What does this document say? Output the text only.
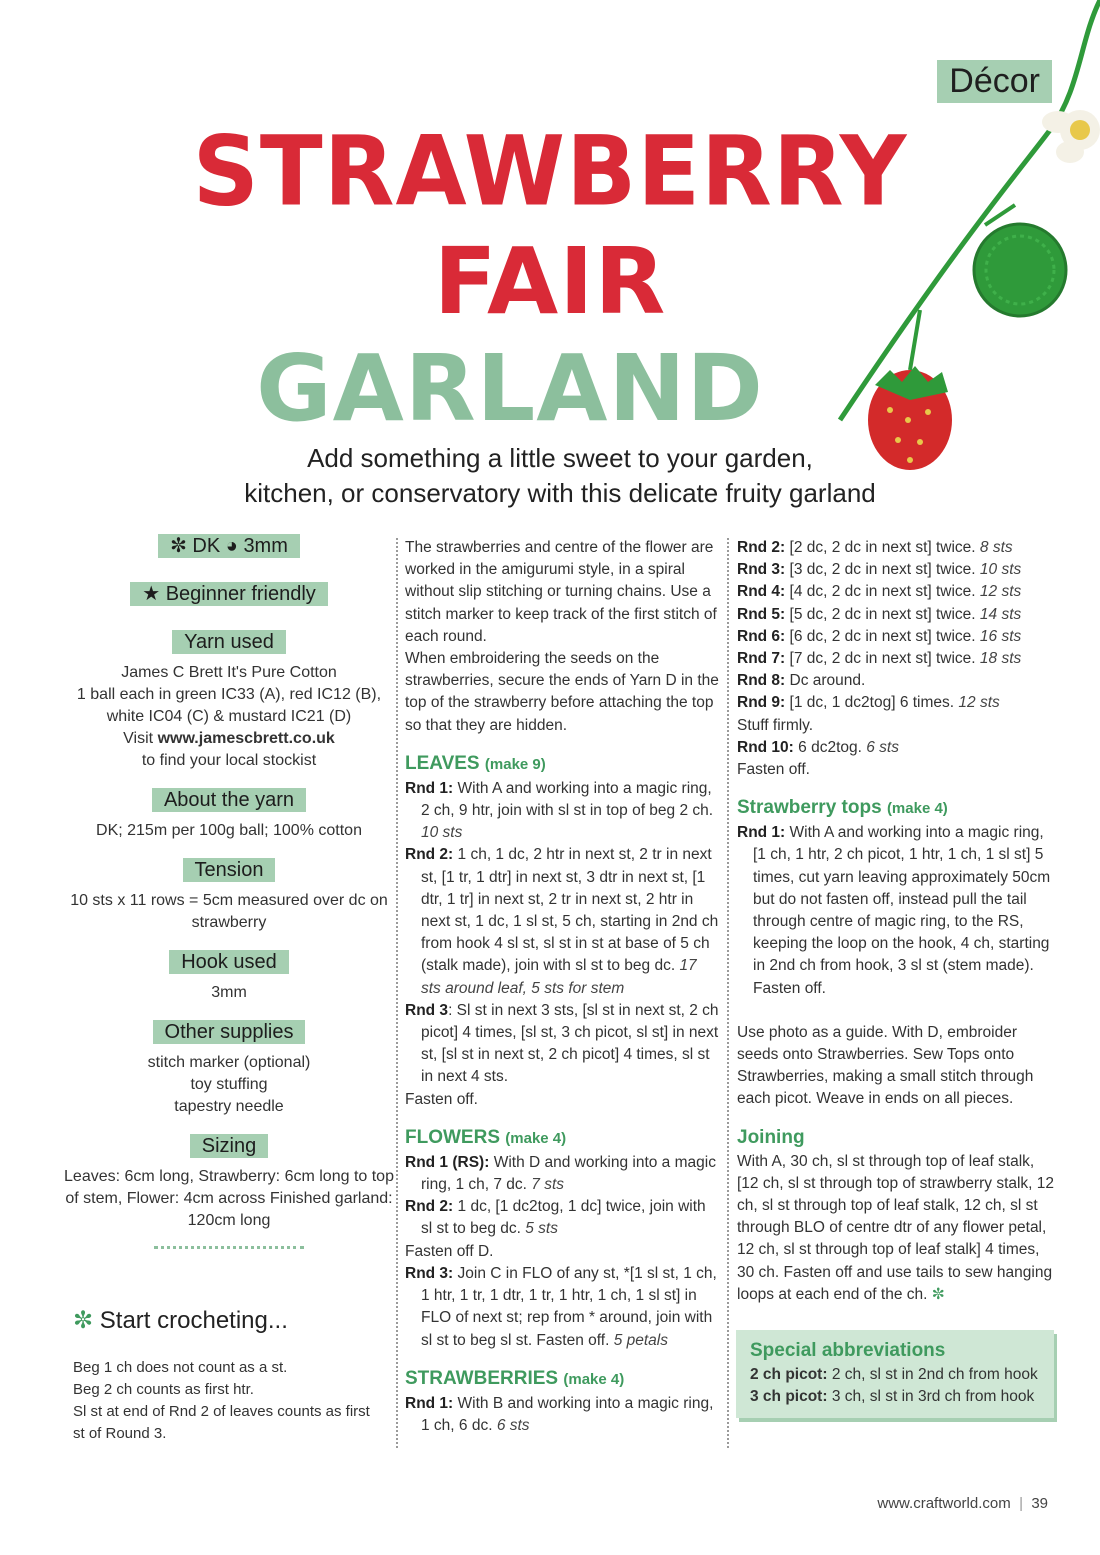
Décor
STRAWBERRY
FAIR
GARLAND
Add something a little sweet to your garden,
kitchen, or conservatory with this delicate fruity garland
✼ DK ◕ 3mm
★ Beginner friendly
Yarn used

James C Brett It's Pure Cotton

1 ball each in green IC33 (A), red IC12 (B),

white IC04 (C) & mustard IC21 (D)

Visit www.jamescbrett.co.uk

to find your local stockist

About the yarn

DK; 215m per 100g ball; 100% cotton

Tension

10 sts x 11 rows = 5cm measured over dc on strawberry

Hook used

3mm

Other supplies

stitch marker (optional)

toy stuffing

tapestry needle

Sizing

Leaves: 6cm long, Strawberry: 6cm long to top of stem, Flower: 4cm across Finished garland: 120cm long

✼ Start crocheting...

Beg 1 ch does not count as a st.

Beg 2 ch counts as first htr.

Sl st at end of Rnd 2 of leaves counts as first st of Round 3.

The strawberries and centre of the flower are worked in the amigurumi style, in a spiral without slip stitching or turning chains. Use a stitch marker to keep track of the first stitch of each round.

When embroidering the seeds on the strawberries, secure the ends of Yarn D in the top of the strawberry before attaching the top so that they are hidden.

LEAVES (make 9)

Rnd 1: With A and working into a magic ring, 2 ch, 9 htr, join with sl st in top of beg 2 ch. 10 sts

Rnd 2: 1 ch, 1 dc, 2 htr in next st, 2 tr in next st, [1 tr, 1 dtr] in next st, 3 dtr in next st, [1 dtr, 1 tr] in next st, 2 tr in next st, 2 htr in next st, 1 dc, 1 sl st, 5 ch, starting in 2nd ch from hook 4 sl st, sl st in st at base of 5 ch (stalk made), join with sl st to beg dc. 17 sts around leaf, 5 sts for stem

Rnd 3: Sl st in next 3 sts, [sl st in next st, 2 ch picot] 4 times, [sl st, 3 ch picot, sl st] in next st, [sl st in next st, 2 ch picot] 4 times, sl st in next 4 sts.

Fasten off.

FLOWERS (make 4)

Rnd 1 (RS): With D and working into a magic ring, 1 ch, 7 dc. 7 sts

Rnd 2: 1 dc, [1 dc2tog, 1 dc] twice, join with sl st to beg dc. 5 sts

Fasten off D.

Rnd 3: Join C in FLO of any st, *[1 sl st, 1 ch, 1 htr, 1 tr, 1 dtr, 1 tr, 1 htr, 1 ch, 1 sl st] in FLO of next st; rep from * around, join with sl st to beg sl st. Fasten off. 5 petals

STRAWBERRIES (make 4)

Rnd 1: With B and working into a magic ring, 1 ch, 6 dc. 6 sts

Rnd 2: [2 dc, 2 dc in next st] twice. 8 sts

Rnd 3: [3 dc, 2 dc in next st] twice. 10 sts

Rnd 4: [4 dc, 2 dc in next st] twice. 12 sts

Rnd 5: [5 dc, 2 dc in next st] twice. 14 sts

Rnd 6: [6 dc, 2 dc in next st] twice. 16 sts

Rnd 7: [7 dc, 2 dc in next st] twice. 18 sts

Rnd 8: Dc around.

Rnd 9: [1 dc, 1 dc2tog] 6 times. 12 sts

Stuff firmly.

Rnd 10: 6 dc2tog. 6 sts

Fasten off.

Strawberry tops (make 4)

Rnd 1: With A and working into a magic ring, [1 ch, 1 htr, 2 ch picot, 1 htr, 1 ch, 1 sl st] 5 times, cut yarn leaving approximately 50cm but do not fasten off, instead pull the tail through centre of magic ring, to the RS, keeping the loop on the hook, 4 ch, starting in 2nd ch from hook, 3 sl st (stem made). Fasten off.

Use photo as a guide. With D, embroider seeds onto Strawberries. Sew Tops onto Strawberries, making a small stitch through each picot. Weave in ends on all pieces.

Joining

With A, 30 ch, sl st through top of leaf stalk, [12 ch, sl st through top of strawberry stalk, 12 ch, sl st through top of leaf stalk, 12 ch, sl st through BLO of centre dtr of any flower petal, 12 ch, sl st through top of leaf stalk] 4 times, 30 ch. Fasten off and use tails to sew hanging loops at each end of the ch. ✼

Special abbreviations

2 ch picot: 2 ch, sl st in 2nd ch from hook

3 ch picot: 3 ch, sl st in 3rd ch from hook

www.craftworld.com  |  39
